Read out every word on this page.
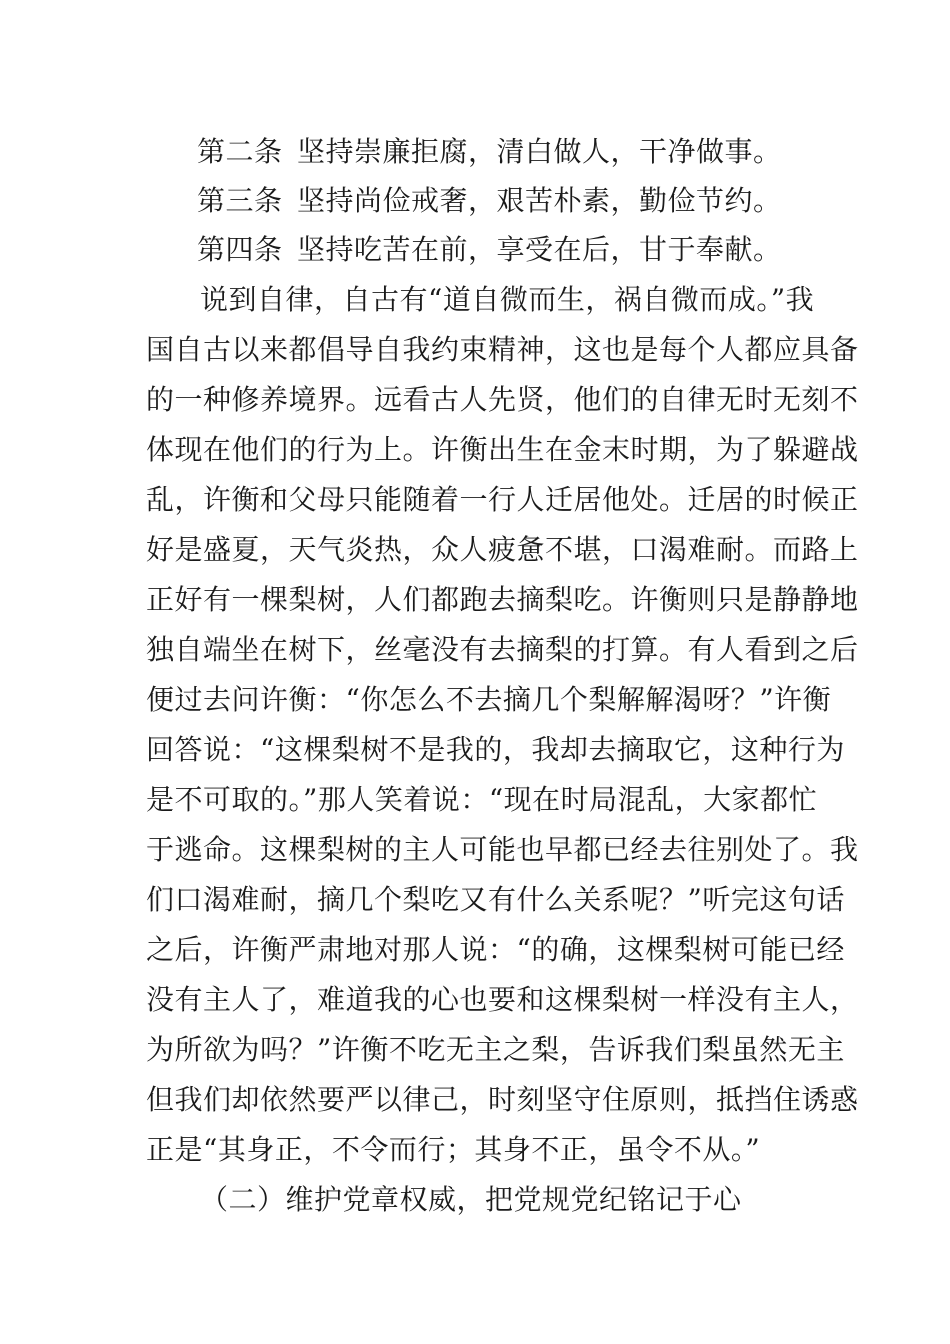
第二条 坚持崇廉拒腐，清白做人，干净做事。
第三条 坚持尚俭戒奢，艰苦朴素，勤俭节约。
第四条 坚持吃苦在前，享受在后，甘于奉献。
说到自律，自古有“道自微而生，祸自微而成。”我
国自古以来都倡导自我约束精神，这也是每个人都应具备
的一种修养境界。远看古人先贤，他们的自律无时无刻不
体现在他们的行为上。许衡出生在金末时期，为了躲避战
乱，许衡和父母只能随着一行人迁居他处。迁居的时候正
好是盛夏，天气炎热，众人疲惫不堪，口渴难耐。而路上
正好有一棵梨树，人们都跑去摘梨吃。许衡则只是静静地
独自端坐在树下，丝毫没有去摘梨的打算。有人看到之后
便过去问许衡：“你怎么不去摘几个梨解解渴呀？”许衡
回答说：“这棵梨树不是我的，我却去摘取它，这种行为
是不可取的。”那人笑着说：“现在时局混乱，大家都忙
于逃命。这棵梨树的主人可能也早都已经去往别处了。我
们口渴难耐，摘几个梨吃又有什么关系呢？”听完这句话
之后，许衡严肃地对那人说：“的确，这棵梨树可能已经
没有主人了，难道我的心也要和这棵梨树一样没有主人，
为所欲为吗？”许衡不吃无主之梨，告诉我们梨虽然无主
但我们却依然要严以律己，时刻坚守住原则，抵挡住诱惑
正是“其身正，不令而行；其身不正，虽令不从。”
（二）维护党章权威，把党规党纪铭记于心
